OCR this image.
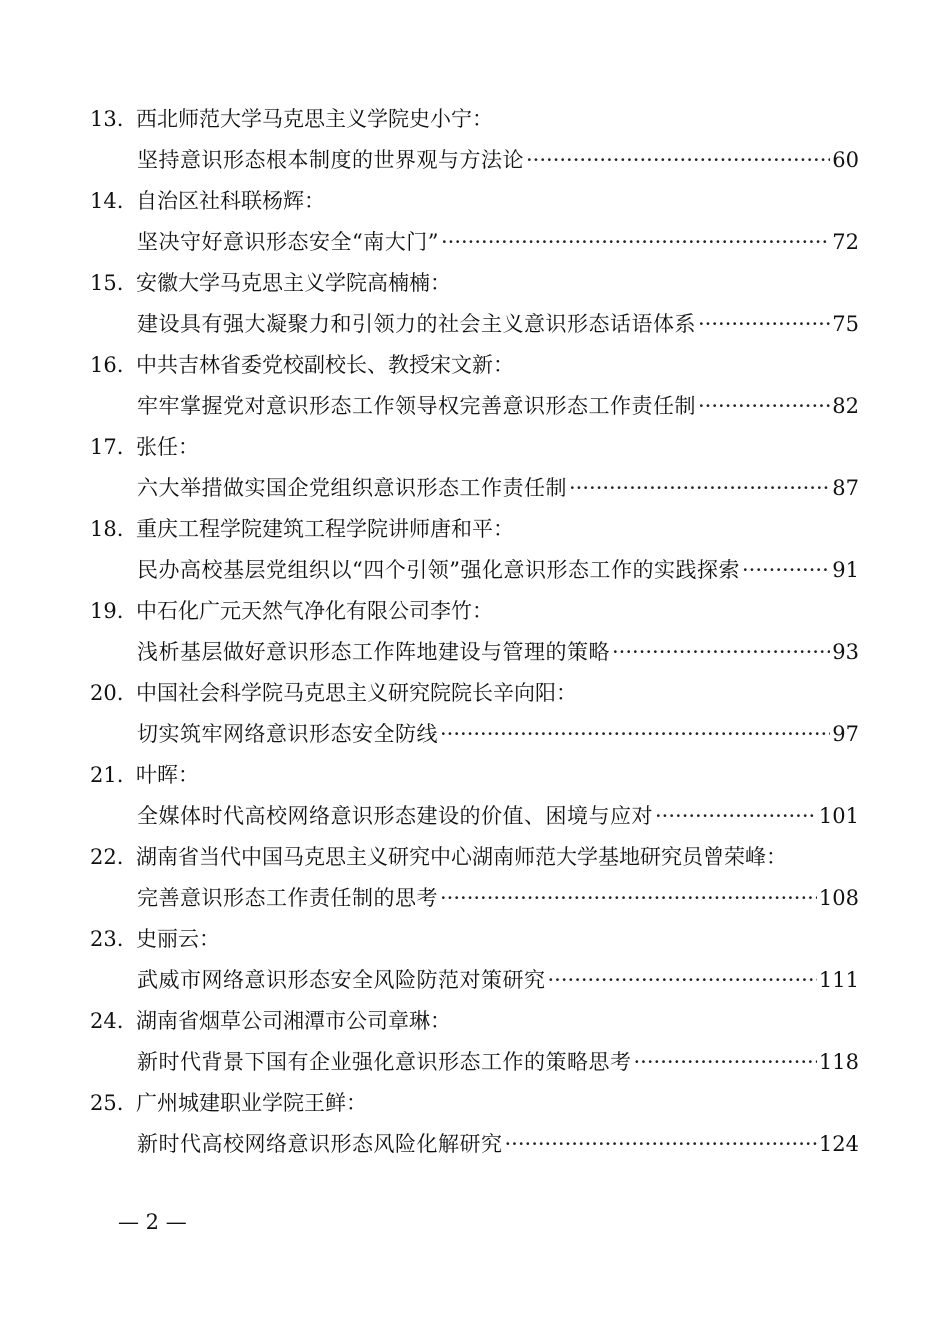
13. 西北师范大学马克思主义学院史小宁：
坚持意识形态根本制度的世界观与方法论 ·····	60
14. 自治区社科联杨辉：
坚决守好意识形态安全“南大门” ·····	72
15. 安徽大学马克思主义学院高楠楠：
建设具有强大凝聚力和引领力的社会主义意识形态话语体系 ·····	75
16. 中共吉林省委党校副校长、教授宋文新：
牢牢掌握党对意识形态工作领导权完善意识形态工作责任制 ·····	82
17. 张任：
六大举措做实国企党组织意识形态工作责任制 ·····	87
18. 重庆工程学院建筑工程学院讲师唐和平：
民办高校基层党组织以“四个引领”强化意识形态工作的实践探索 ·····	91
19. 中石化广元天然气净化有限公司李竹：
浅析基层做好意识形态工作阵地建设与管理的策略 ·····	93
20. 中国社会科学院马克思主义研究院院长辛向阳：
切实筑牢网络意识形态安全防线 ·····	97
21. 叶晖：
全媒体时代高校网络意识形态建设的价值、困境与应对 ·····	101
22. 湖南省当代中国马克思主义研究中心湖南师范大学基地研究员曾荣峰：
完善意识形态工作责任制的思考 ·····	108
23. 史丽云：
武威市网络意识形态安全风险防范对策研究 ·····	111
24. 湖南省烟草公司湘潭市公司章琳：
新时代背景下国有企业强化意识形态工作的策略思考 ·····	118
25. 广州城建职业学院王鲜：
新时代高校网络意识形态风险化解研究 ·····	124
— 2 —
